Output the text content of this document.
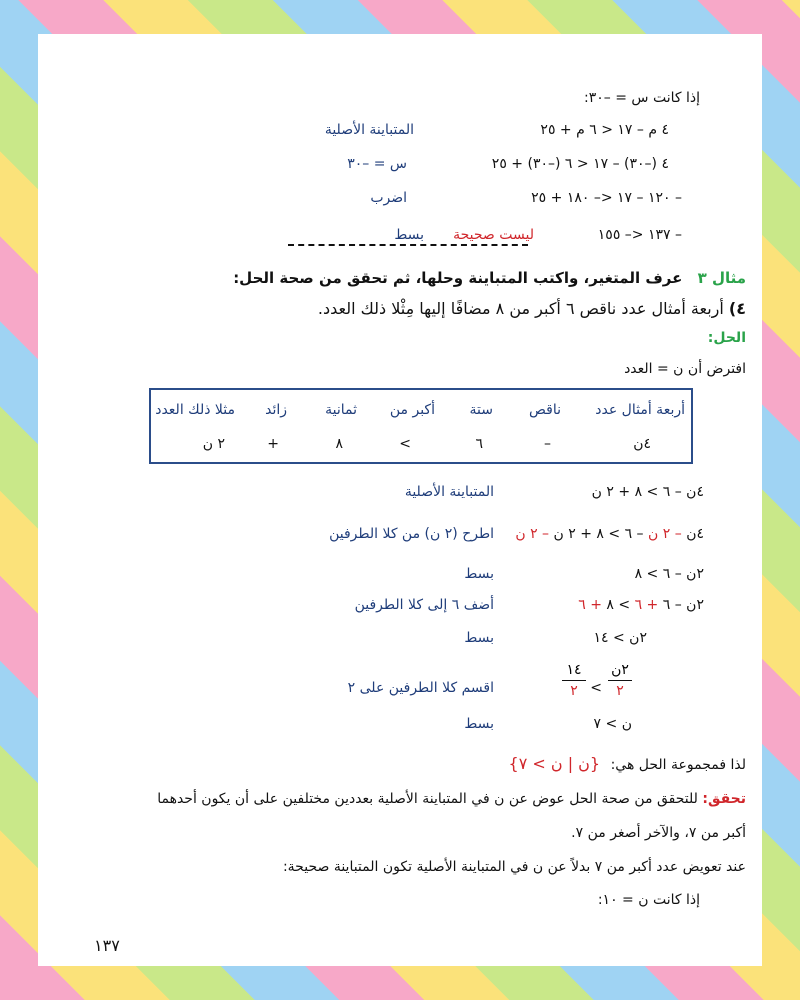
إذا كانت س = –٣٠:
٤ م – ١٧ < ٦ م + ٢٥
المتباينة الأصلية
٤ (–٣٠) – ١٧ < ٦ (–٣٠) + ٢٥
س = –٣٠
– ١٢٠ – ١٧ <– ١٨٠ + ٢٥
اضرب
– ١٣٧ <– ١٥٥
ليست صحيحة
بسط
مثال ٣ عرف المتغير، واكتب المتباينة وحلها، ثم تحقق من صحة الحل:
٤) أربعة أمثال عدد ناقص ٦ أكبر من ٨ مضافًا إليها مِثْلا ذلك العدد.
الحل:
افترض أن ن = العدد
أربعة أمثال عدد
ناقص
ستة
أكبر من
ثمانية
زائد
مثلا ذلك العدد
٤ن
–
٦
>
٨
+
٢ ن
٤ن – ٦ > ٨ + ٢ ن
المتباينة الأصلية
٤ن – ٢ ن – ٦ > ٨ + ٢ ن – ٢ ن
اطرح (٢ ن) من كلا الطرفين
٢ن – ٦ > ٨
بسط
٢ن – ٦ + ٦ > ٨ + ٦
أضف ٦ إلى كلا الطرفين
٢ن > ١٤
بسط
٢ن
٢
>
١٤
٢
اقسم كلا الطرفين على ٢
ن > ٧
بسط
لذا فمجموعة الحل هي: {ن | ن > ٧}
تحقق: للتحقق من صحة الحل عوض عن ن في المتباينة الأصلية بعددين مختلفين على أن يكون أحدهما
أكبر من ٧، والآخر أصغر من ٧.
عند تعويض عدد أكبر من ٧ بدلاً عن ن في المتباينة الأصلية تكون المتباينة صحيحة:
إذا كانت ن = ١٠:
١٣٧
